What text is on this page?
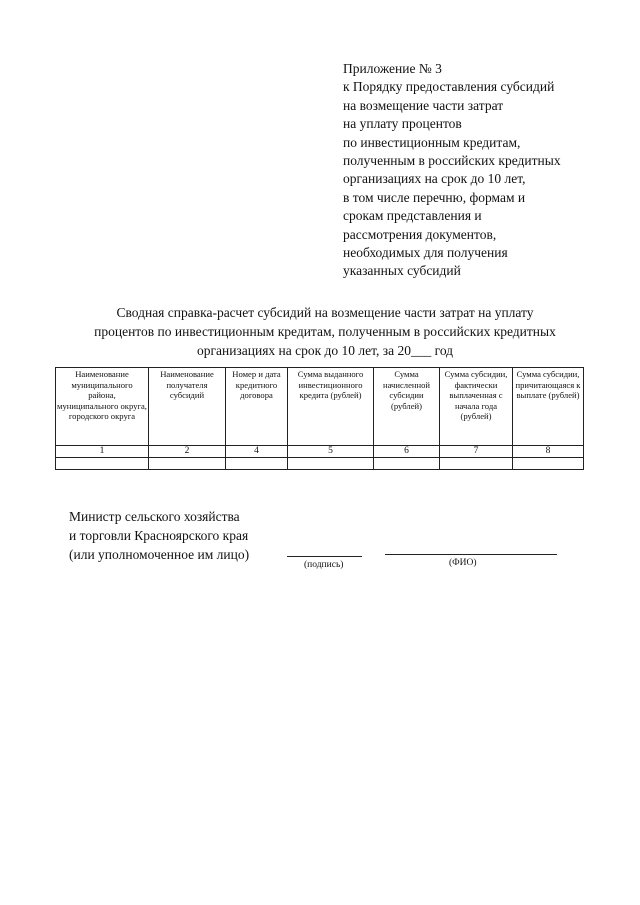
Приложение № 3
к Порядку предоставления субсидий
на возмещение части затрат
на уплату процентов
по инвестиционным кредитам,
полученным в российских кредитных
организациях на срок до 10 лет,
в том числе перечню, формам и
срокам представления и
рассмотрения документов,
необходимых для получения
указанных субсидий
Сводная справка-расчет субсидий на возмещение части затрат на уплату
процентов по инвестиционным кредитам, полученным в российских кредитных
организациях на срок до 10 лет, за 20___ год
Наименование муниципального района, муниципального округа, городского округа	Наименование получателя субсидий	Номер и дата кредитного договора	Сумма выданного инвестиционного кредита (рублей)	Сумма начисленной субсидии (рублей)	Сумма субсидии, фактически выплаченная с начала года (рублей)	Сумма субсидии, причитающаяся к выплате (рублей)
1	2	4	5	6	7	8

Министр сельского хозяйства
и торговли Красноярского края
(или уполномоченное им лицо)
(подпись)	(ФИО)
